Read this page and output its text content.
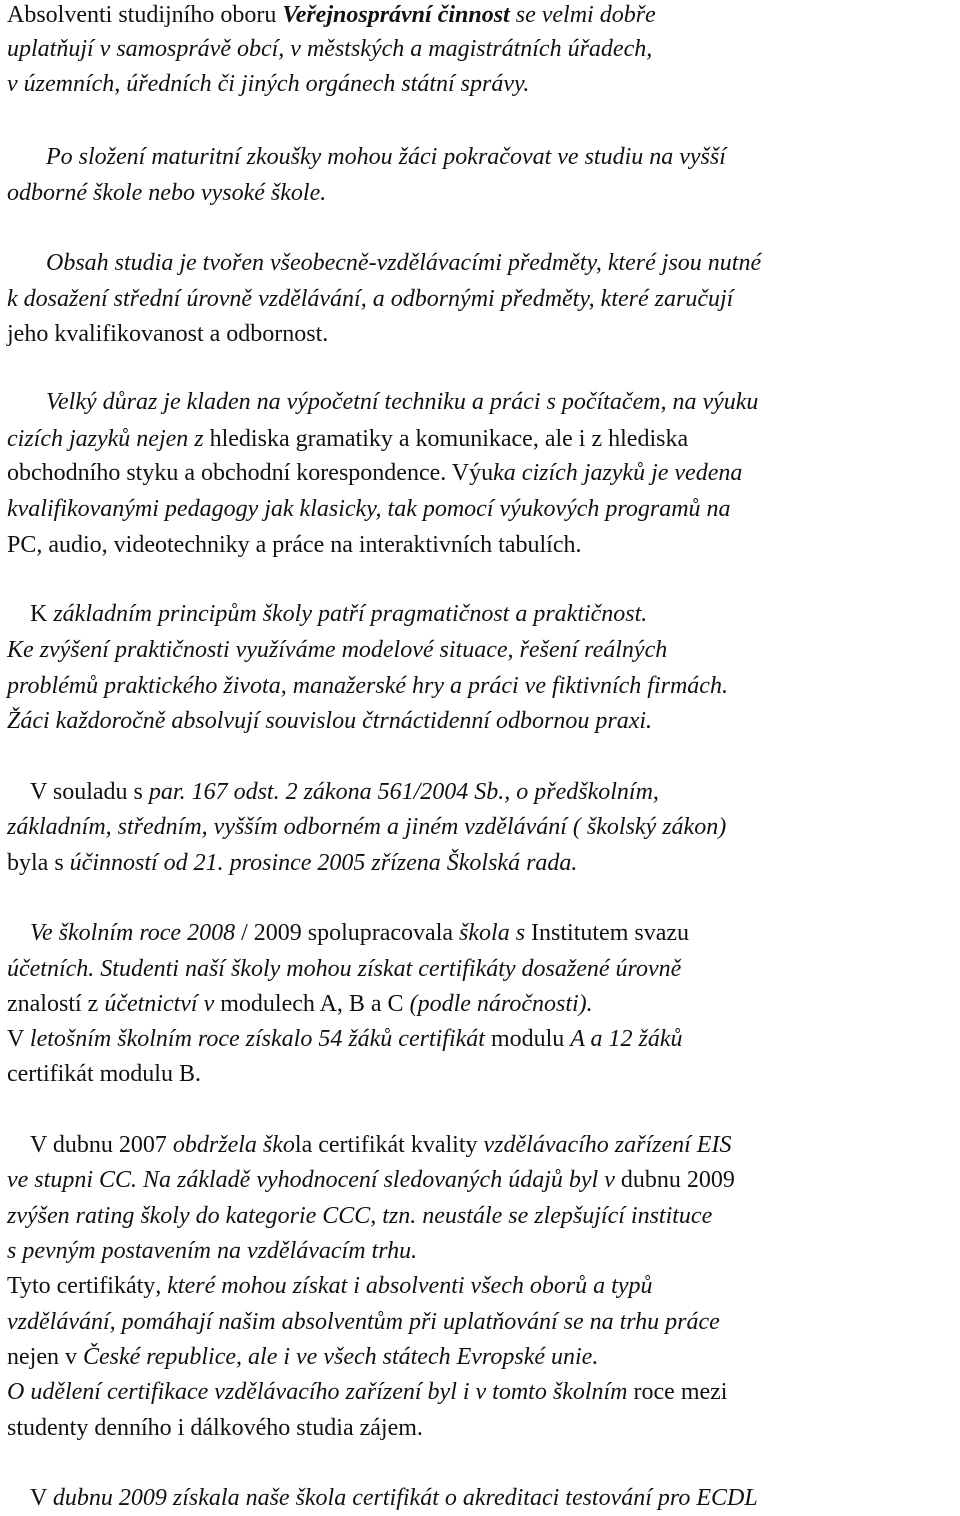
Absolventi studijního oboru Veřejnosprávní činnost se velmi dobře
uplatňují v samosprávě obcí, v městských a magistrátních úřadech,
v územních, úředních či jiných orgánech státní správy.
Po složení maturitní zkoušky mohou žáci pokračovat ve studiu na vyšší
odborné škole nebo vysoké škole.
Obsah studia je tvořen všeobecně-vzdělávacími předměty, které jsou nutné
k dosažení střední úrovně vzdělávání, a odbornými předměty, které zaručují
jeho kvalifikovanost a odbornost.
Velký důraz je kladen na výpočetní techniku a práci s počítačem, na výuku
cizích jazyků nejen z hlediska gramatiky a komunikace, ale i z hlediska
obchodního styku a obchodní korespondence. Výuka cizích jazyků je vedena
kvalifikovanými pedagogy jak klasicky, tak pomocí výukových programů na
PC, audio, videotechniky a práce na interaktivních tabulích.
K základním principům školy patří pragmatičnost a praktičnost.
Ke zvýšení praktičnosti využíváme modelové situace, řešení reálných
problémů praktického života, manažerské hry a práci ve fiktivních firmách.
Žáci každoročně absolvují souvislou čtrnáctidenní odbornou praxi.
V souladu s par. 167 odst. 2 zákona 561/2004 Sb., o předškolním,
základním, středním, vyšším odborném a jiném vzdělávání ( školský zákon)
byla s účinností od 21. prosince 2005 zřízena Školská rada.
Ve školním roce 2008 / 2009 spolupracovala škola s Institutem svazu
účetních. Studenti naší školy mohou získat certifikáty dosažené úrovně
znalostí z účetnictví v modulech A, B a C (podle náročnosti).
V letošním školním roce získalo 54 žáků certifikát modulu A a 12 žáků
certifikát modulu B.
V dubnu 2007 obdržela škola certifikát kvality vzdělávacího zařízení EIS
ve stupni CC. Na základě vyhodnocení sledovaných údajů byl v dubnu 2009
zvýšen rating školy do kategorie CCC, tzn. neustále se zlepšující instituce
s pevným postavením na vzdělávacím trhu.
Tyto certifikáty, které mohou získat i absolventi všech oborů a typů
vzdělávání, pomáhají našim absolventům při uplatňování se na trhu práce
nejen v České republice, ale i ve všech státech Evropské unie.
O udělení certifikace vzdělávacího zařízení byl i v tomto školním roce mezi
studenty denního i dálkového studia zájem.
V dubnu 2009 získala naše škola certifikát o akreditaci testování pro ECDL
